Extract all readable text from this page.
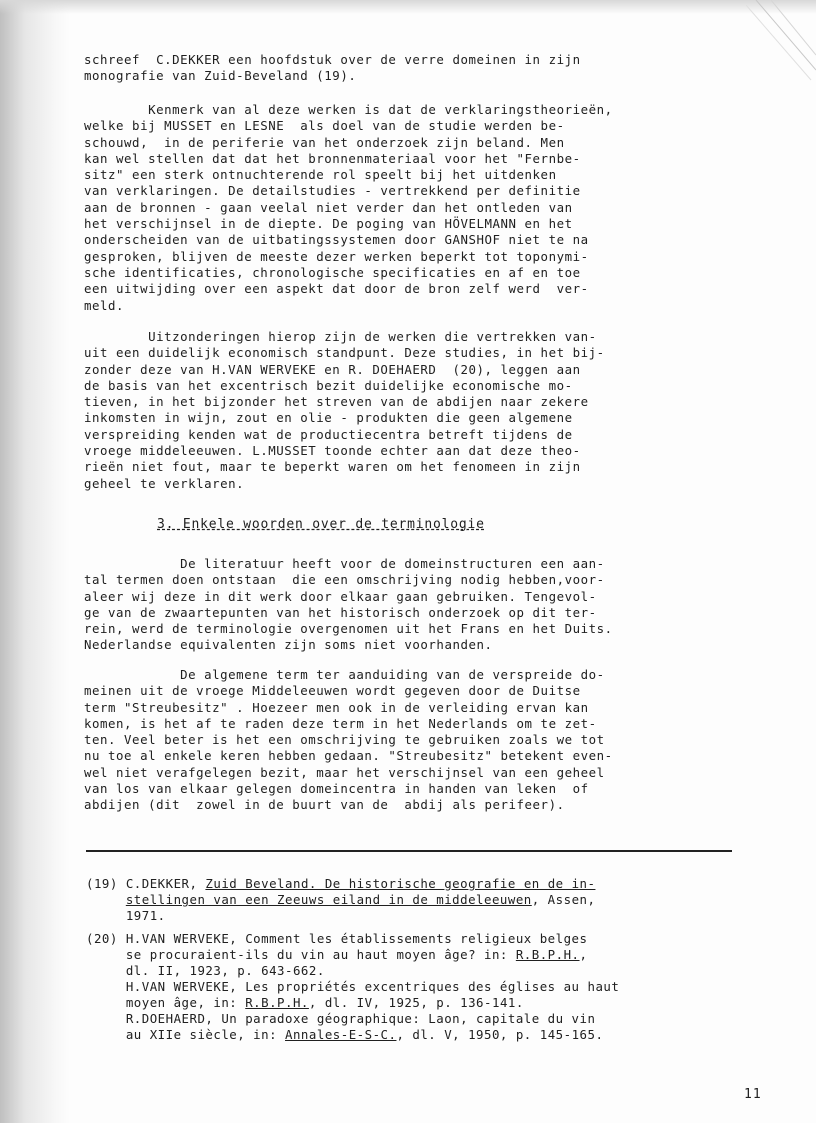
schreef  C.DEKKER een hoofdstuk over de verre domeinen in zijn
monografie van Zuid-Beveland (19).
Kenmerk van al deze werken is dat de verklaringstheorieën,
welke bij MUSSET en LESNE  als doel van de studie werden be-
schouwd,  in de periferie van het onderzoek zijn beland. Men
kan wel stellen dat dat het bronnenmateriaal voor het "Fernbe-
sitz" een sterk ontnuchterende rol speelt bij het uitdenken
van verklaringen. De detailstudies - vertrekkend per definitie
aan de bronnen - gaan veelal niet verder dan het ontleden van
het verschijnsel in de diepte. De poging van HÖVELMANN en het
onderscheiden van de uitbatingssystemen door GANSHOF niet te na
gesproken, blijven de meeste dezer werken beperkt tot toponymi-
sche identificaties, chronologische specificaties en af en toe
een uitwijding over een aspekt dat door de bron zelf werd  ver-
meld.
Uitzonderingen hierop zijn de werken die vertrekken van-
uit een duidelijk economisch standpunt. Deze studies, in het bij-
zonder deze van H.VAN WERVEKE en R. DOEHAERD  (20), leggen aan
de basis van het excentrisch bezit duidelijke economische mo-
tieven, in het bijzonder het streven van de abdijen naar zekere
inkomsten in wijn, zout en olie - produkten die geen algemene
verspreiding kenden wat de productiecentra betreft tijdens de
vroege middeleeuwen. L.MUSSET toonde echter aan dat deze theo-
rieën niet fout, maar te beperkt waren om het fenomeen in zijn
geheel te verklaren.
3. Enkele woorden over de terminologie
De literatuur heeft voor de domeinstructuren een aan-
tal termen doen ontstaan  die een omschrijving nodig hebben,voor-
aleer wij deze in dit werk door elkaar gaan gebruiken. Tengevol-
ge van de zwaartepunten van het historisch onderzoek op dit ter-
rein, werd de terminologie overgenomen uit het Frans en het Duits.
Nederlandse equivalenten zijn soms niet voorhanden.
De algemene term ter aanduiding van de verspreide do-
meinen uit de vroege Middeleeuwen wordt gegeven door de Duitse
term "Streubesitz" . Hoezeer men ook in de verleiding ervan kan
komen, is het af te raden deze term in het Nederlands om te zet-
ten. Veel beter is het een omschrijving te gebruiken zoals we tot
nu toe al enkele keren hebben gedaan. "Streubesitz" betekent even-
wel niet verafgelegen bezit, maar het verschijnsel van een geheel
van los van elkaar gelegen domeincentra in handen van leken  of
abdijen (dit  zowel in de buurt van de  abdij als perifeer).
(19) C.DEKKER, Zuid Beveland. De historische geografie en de in-
stellingen van een Zeeuws eiland in de middeleeuwen, Assen,
1971.
(20) H.VAN WERVEKE, Comment les établissements religieux belges
se procuraient-ils du vin au haut moyen âge? in: R.B.P.H.,
dl. II, 1923, p. 643-662.
H.VAN WERVEKE, Les propriétés excentriques des églises au haut
moyen âge, in: R.B.P.H., dl. IV, 1925, p. 136-141.
R.DOEHAERD, Un paradoxe géographique: Laon, capitale du vin
au XIIe siècle, in: Annales-E-S-C., dl. V, 1950, p. 145-165.
11
